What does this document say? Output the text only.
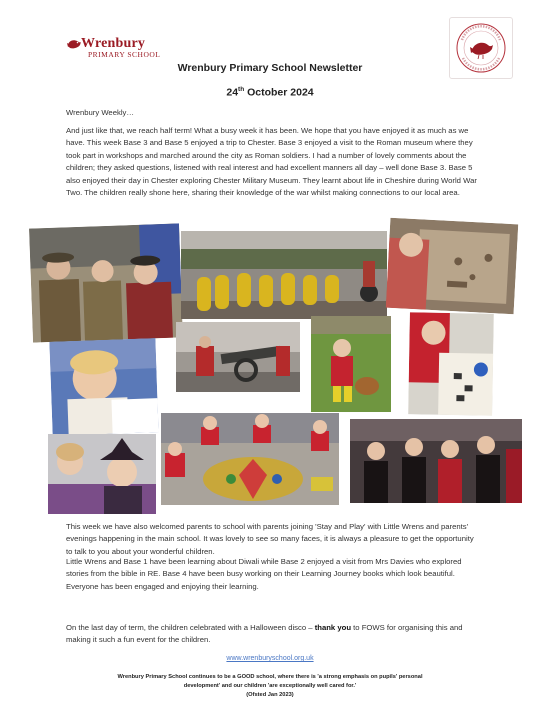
Wrenbury
PRIMARY SCHOOL
Wrenbury Primary School Newsletter
24th October 2024
Wrenbury Weekly…
And just like that, we reach half term! What a busy week it has been. We hope that you have enjoyed it as much as we have. This week Base 3 and Base 5 enjoyed a trip to Chester. Base 3 enjoyed a visit to the Roman museum where they took part in workshops and marched around the city as Roman soldiers. I had a number of lovely comments about the children; they asked questions, listened with real interest and had excellent manners all day – well done Base 3. Base 5 also enjoyed their day in Chester exploring Chester Military Museum. They learnt about life in Cheshire during World War Two. The children really shone here, sharing their knowledge of the war whilst making connections to our local area.
This week we have also welcomed parents to school with parents joining 'Stay and Play' with Little Wrens and parents' evenings happening in the main school. It was lovely to see so many faces, it is always a pleasure to get the opportunity to talk to you about your wonderful children.
Little Wrens and Base 1 have been learning about Diwali while Base 2 enjoyed a visit from Mrs Davies who explored stories from the bible in RE. Base 4 have been busy working on their Learning Journey books which look beautiful. Everyone has been engaged and enjoying their learning.
On the last day of term, the children celebrated with a Halloween disco – thank you to FOWS for organising this and making it such a fun event for the children.
www.wrenburyschool.org.uk
Wrenbury Primary School continues to be a GOOD school, where there is 'a strong emphasis on pupils' personal
development' and our children 'are exceptionally well cared for.'
(Ofsted Jan 2023)
